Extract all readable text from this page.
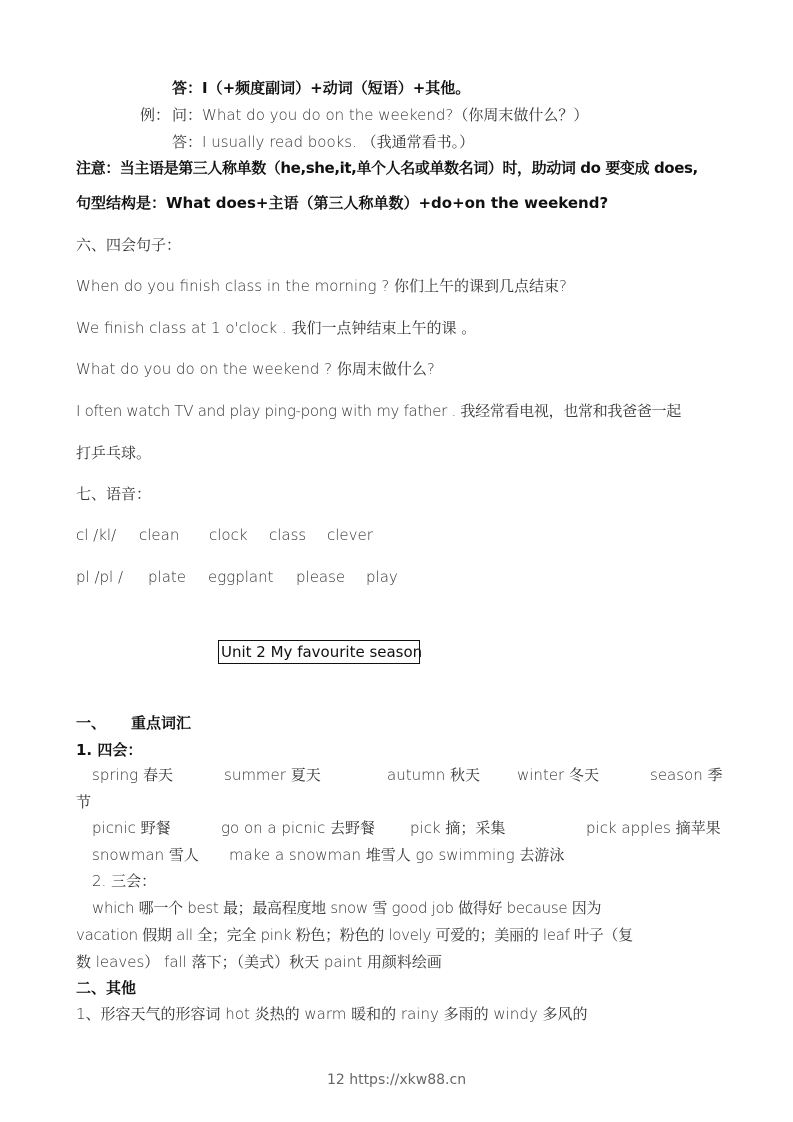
答：I（+频度副词）+动词（短语）+其他。
例： 问：What do you do on the weekend?（你周末做什么？）
答：I usually read books. （我通常看书。）
注意：当主语是第三人称单数（he,she,it,单个人名或单数名词）时，助动词 do 要变成 does,
句型结构是：What does+主语（第三人称单数）+do+on the weekend?
六、四会句子：
When do you finish class in the morning ? 你们上午的课到几点结束?
We finish class at 1 o'clock . 我们一点钟结束上午的课 。
What do you do on the weekend ? 你周末做什么?
I often watch TV and play ping-pong with my father . 我经常看电视，也常和我爸爸一起
打乒乓球。
七、语音：
cl /kl/ clean clock class clever
pl /pl / plate eggplant please play
Unit 2 My favourite season
一、 重点词汇
1. 四会：
spring 春天	summer 夏天	autumn 秋天 winter 冬天	season 季
节
picnic 野餐	go on a picnic 去野餐 pick 摘；采集	pick apples 摘苹果
snowman 雪人 make a snowman 堆雪人 go swimming 去游泳
2. 三会：
which 哪一个 best 最；最高程度地 snow 雪 good job 做得好 because 因为
vacation 假期 all 全；完全 pink 粉色；粉色的 lovely 可爱的；美丽的 leaf 叶子（复
数 leaves） fall 落下；（美式）秋天 paint 用颜料绘画
二、其他
1、形容天气的形容词 hot 炎热的 warm 暖和的 rainy 多雨的 windy 多风的
12 https://xkw88.cn
